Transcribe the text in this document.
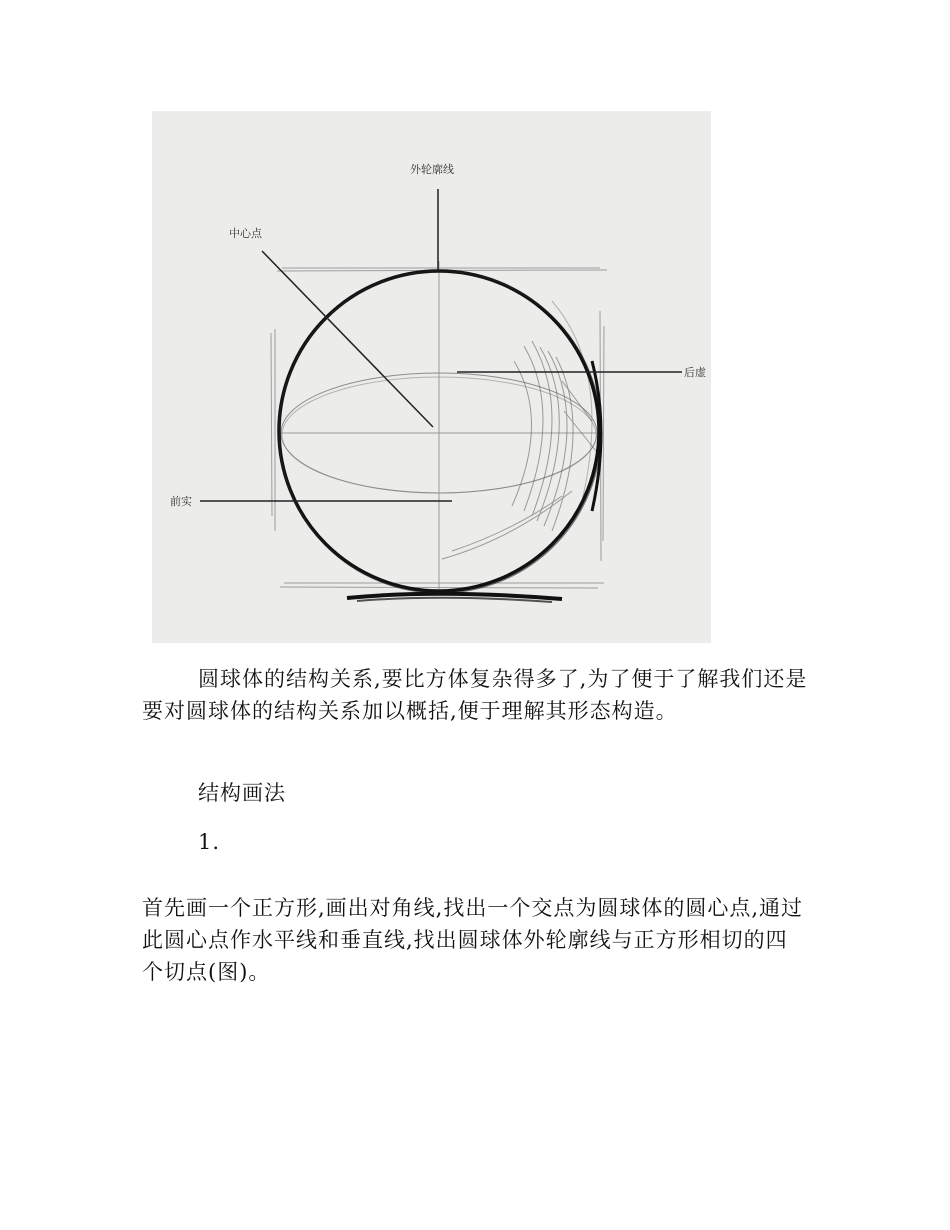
外轮廓线
中心点
后虚
前实

圆球体的结构关系,要比方体复杂得多了,为了便于了解我们还是要对圆球体的结构关系加以概括,便于理解其形态构造。

结构画法

1.

首先画一个正方形,画出对角线,找出一个交点为圆球体的圆心点,通过此圆心点作水平线和垂直线,找出圆球体外轮廓线与正方形相切的四个切点(图)。
